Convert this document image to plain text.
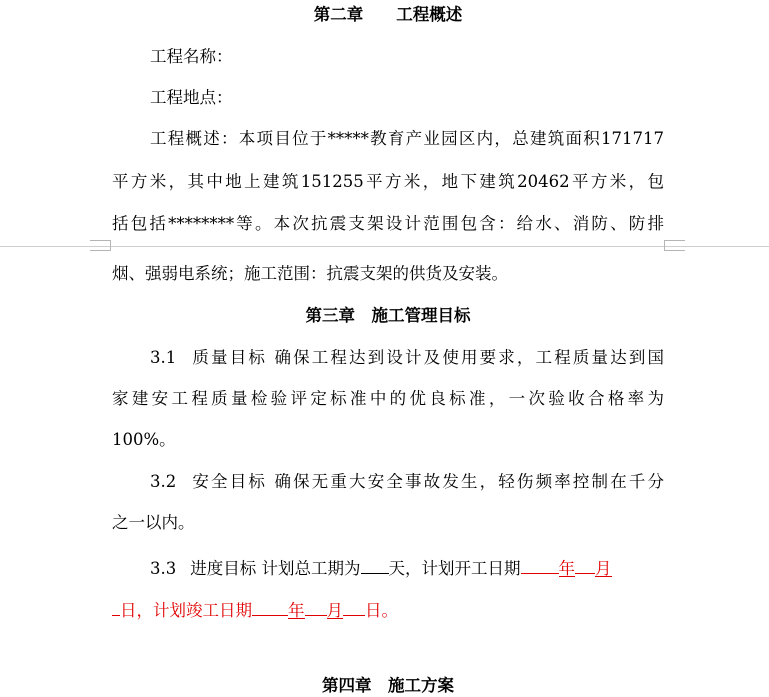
第二章　　工程概述
工程名称：
工程地点：
工程概述：本项目位于*****教育产业园区内，总建筑面积171717
平方米，其中地上建筑151255平方米，地下建筑20462平方米，包
括包括********等。本次抗震支架设计范围包含：给水、消防、防排
烟、强弱电系统；施工范围：抗震支架的供货及安装。
第三章　施工管理目标
3.1 质量目标 确保工程达到设计及使用要求，工程质量达到国
家建安工程质量检验评定标准中的优良标准，一次验收合格率为
100%。
3.2 安全目标 确保无重大安全事故发生，轻伤频率控制在千分
之一以内。
3.3 进度目标 计划总工期为 天，计划开工日期 年 月
日，计划竣工日期 年 月 日。
第四章　施工方案
